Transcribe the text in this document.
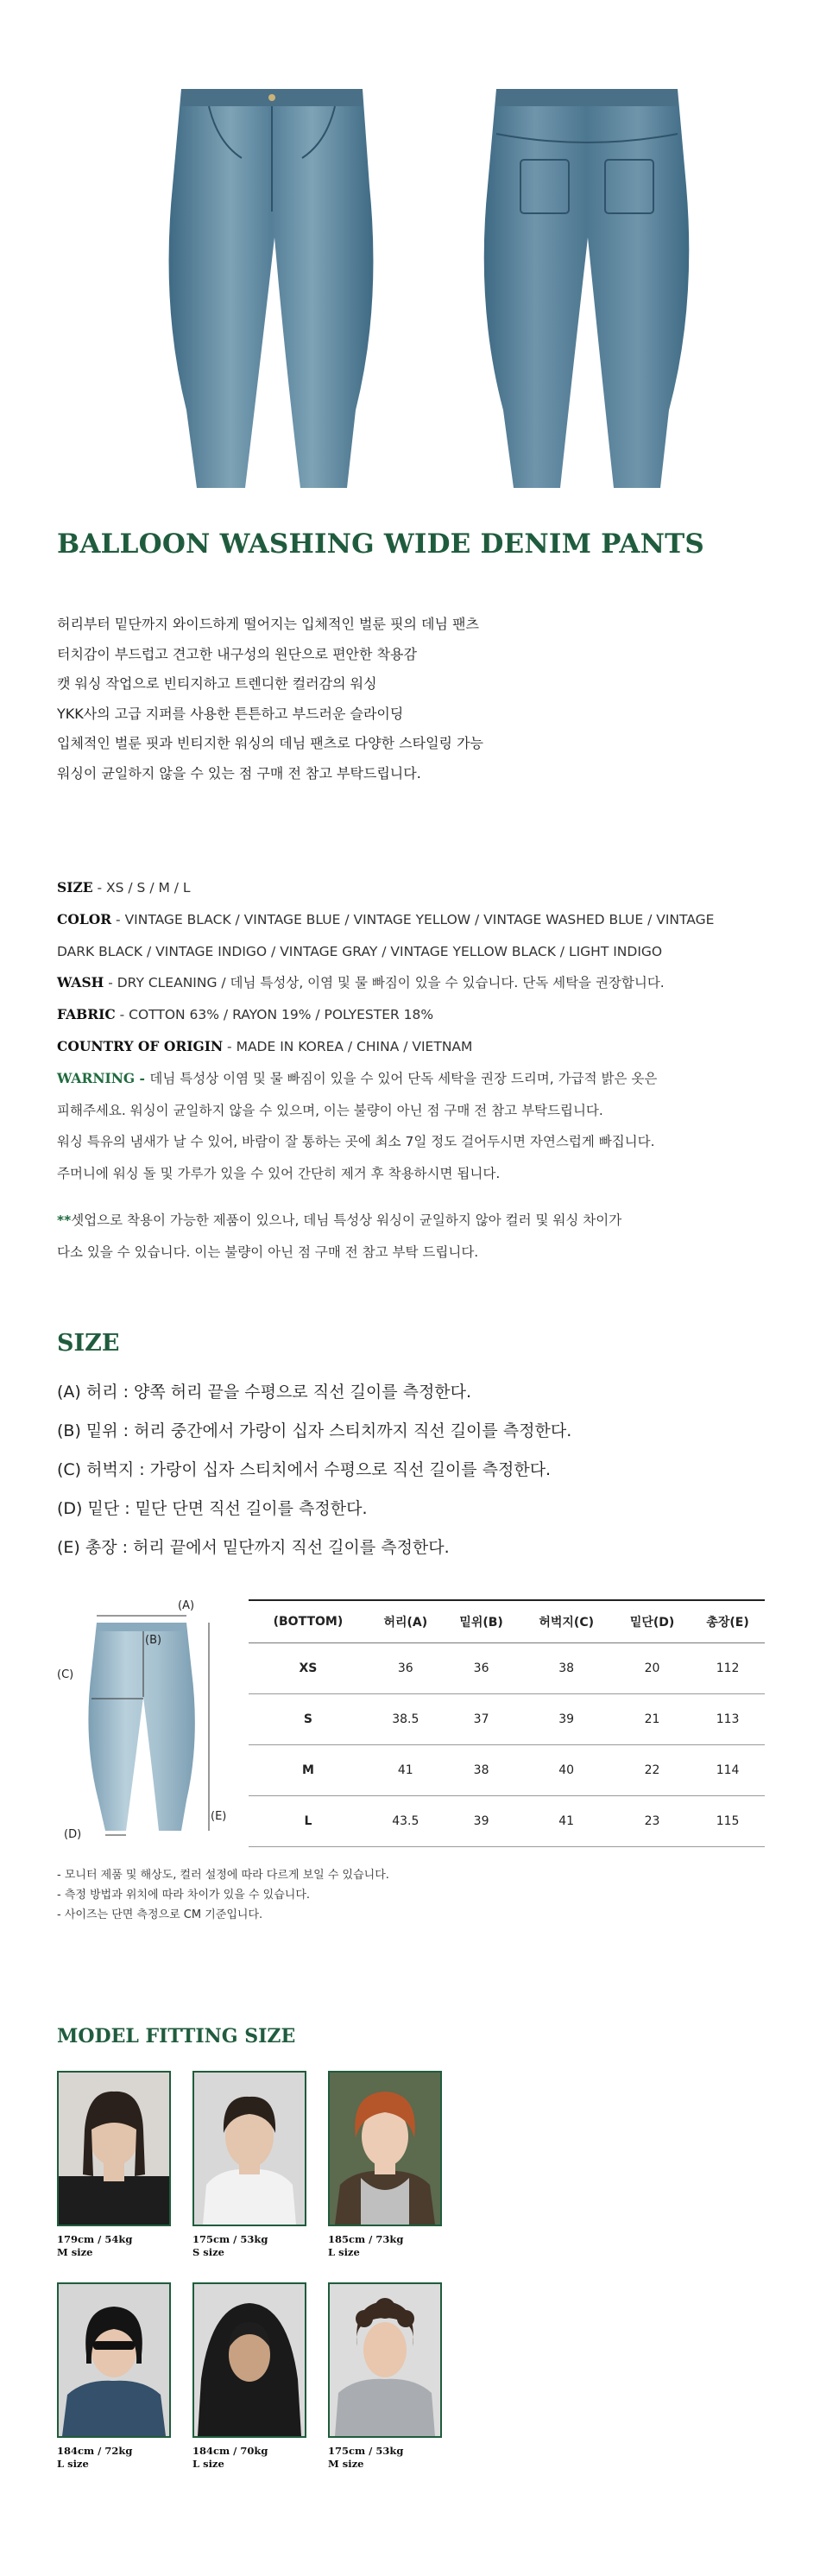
BALLOON WASHING WIDE DENIM PANTS
허리부터 밑단까지 와이드하게 떨어지는 입체적인 벌룬 핏의 데님 팬츠
터치감이 부드럽고 견고한 내구성의 원단으로 편안한 착용감
캣 워싱 작업으로 빈티지하고 트렌디한 컬러감의 워싱
YKK사의 고급 지퍼를 사용한 튼튼하고 부드러운 슬라이딩
입체적인 벌룬 핏과 빈티지한 워싱의 데님 팬츠로 다양한 스타일링 가능
워싱이 균일하지 않을 수 있는 점 구매 전 참고 부탁드립니다.
SIZE - XS / S / M / L
COLOR - VINTAGE BLACK / VINTAGE BLUE / VINTAGE YELLOW / VINTAGE WASHED BLUE / VINTAGE
DARK BLACK / VINTAGE INDIGO / VINTAGE GRAY / VINTAGE YELLOW BLACK / LIGHT INDIGO
WASH - DRY CLEANING / 데님 특성상, 이염 및 물 빠짐이 있을 수 있습니다. 단독 세탁을 권장합니다.
FABRIC - COTTON 63% / RAYON 19% / POLYESTER 18%
COUNTRY OF ORIGIN - MADE IN KOREA / CHINA / VIETNAM
WARNING - 데님 특성상 이염 및 물 빠짐이 있을 수 있어 단독 세탁을 권장 드리며, 가급적 밝은 옷은
피해주세요. 워싱이 균일하지 않을 수 있으며, 이는 불량이 아닌 점 구매 전 참고 부탁드립니다.
워싱 특유의 냄새가 날 수 있어, 바람이 잘 통하는 곳에 최소 7일 정도 걸어두시면 자연스럽게 빠집니다.
주머니에 워싱 돌 및 가루가 있을 수 있어 간단히 제거 후 착용하시면 됩니다.
**셋업으로 착용이 가능한 제품이 있으나, 데님 특성상 워싱이 균일하지 않아 컬러 및 워싱 차이가
다소 있을 수 있습니다. 이는 불량이 아닌 점 구매 전 참고 부탁 드립니다.
SIZE
(A) 허리 : 양쪽 허리 끝을 수평으로 직선 길이를 측정한다.
(B) 밑위 : 허리 중간에서 가랑이 십자 스티치까지 직선 길이를 측정한다.
(C) 허벅지 : 가랑이 십자 스티치에서 수평으로 직선 길이를 측정한다.
(D) 밑단 : 밑단 단면 직선 길이를 측정한다.
(E) 총장 : 허리 끝에서 밑단까지 직선 길이를 측정한다.
(A)
(B)
(C)
(D)
(E)
(BOTTOM)	허리(A)	밑위(B)	허벅지(C)	밑단(D)	총장(E)
XS	36	36	38	20	112
S	38.5	37	39	21	113
M	41	38	40	22	114
L	43.5	39	41	23	115
- 모니터 제품 및 해상도, 컬러 설정에 따라 다르게 보일 수 있습니다.
- 측정 방법과 위치에 따라 차이가 있을 수 있습니다.
- 사이즈는 단면 측정으로 CM 기준입니다.
MODEL FITTING SIZE
179cm / 54kg
M size
175cm / 53kg
S size
185cm / 73kg
L size
184cm / 72kg
L size
184cm / 70kg
L size
175cm / 53kg
M size
